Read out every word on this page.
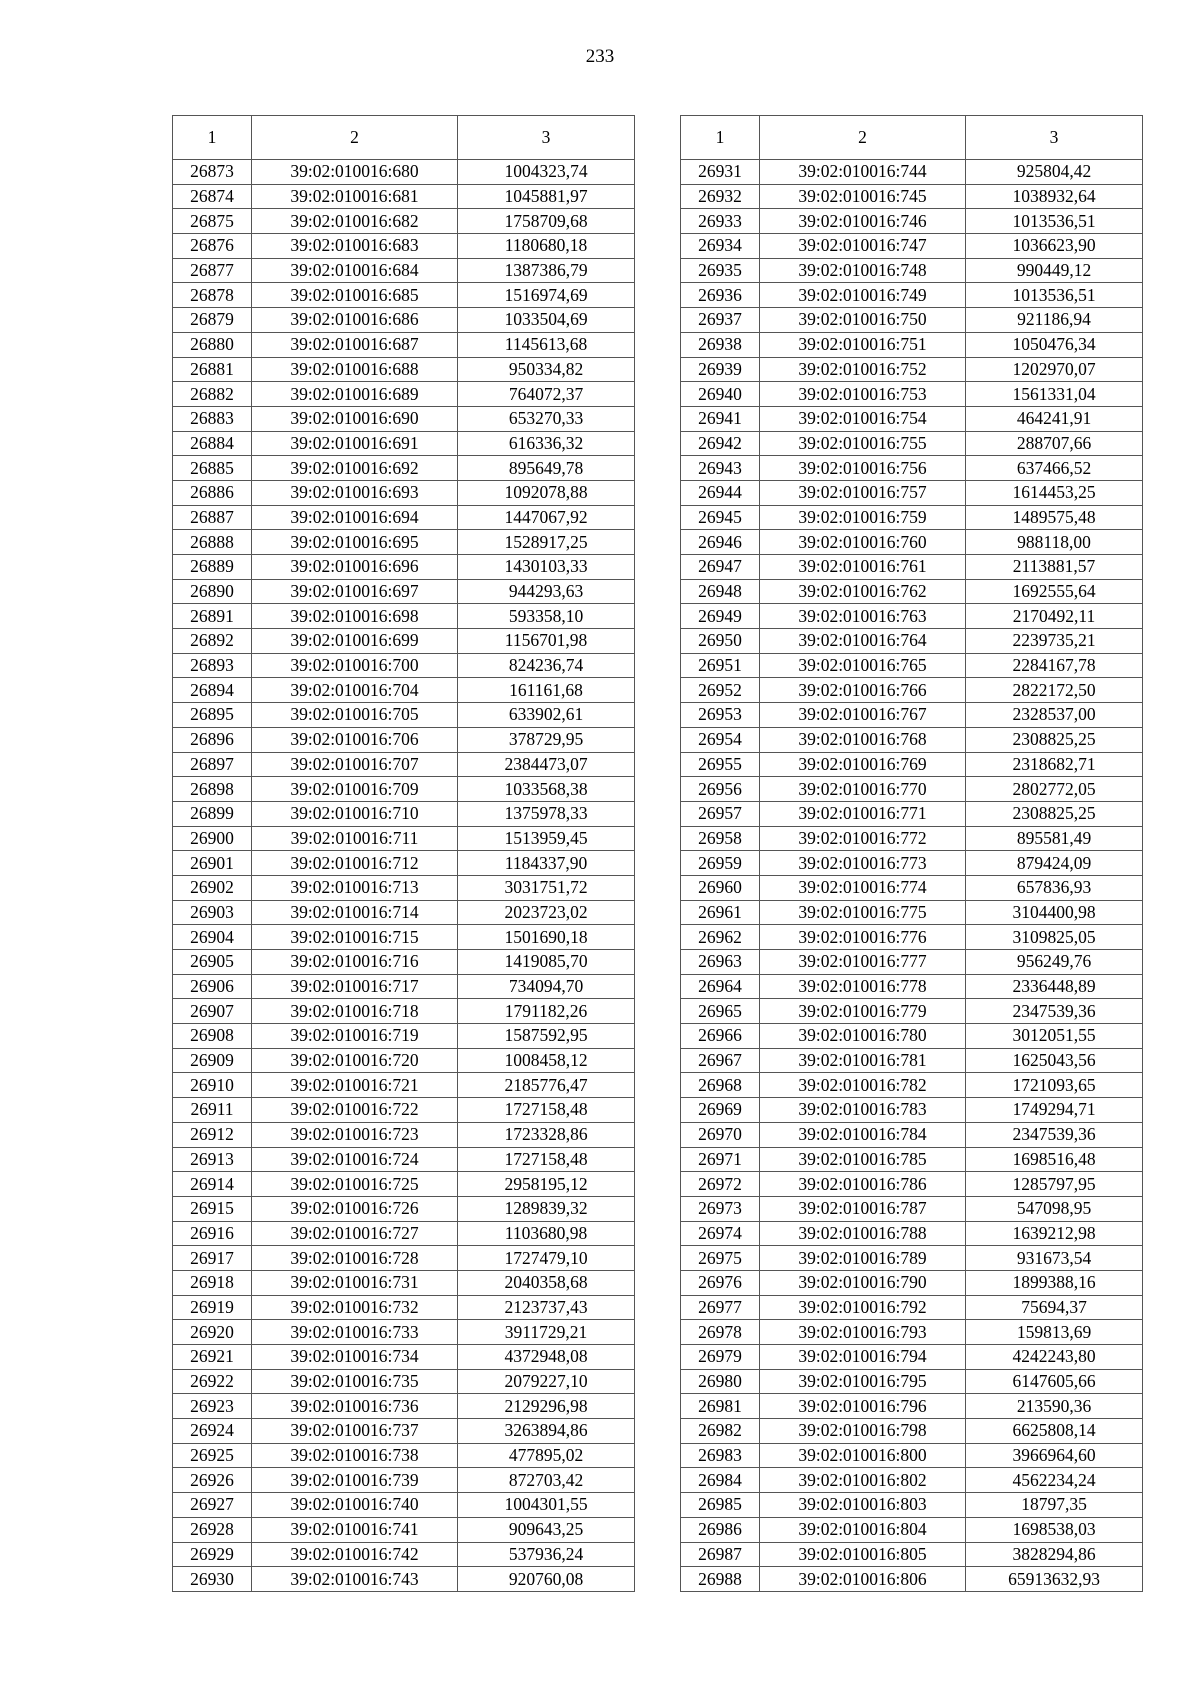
233
1	2	3
26873	39:02:010016:680	1004323,74
26874	39:02:010016:681	1045881,97
26875	39:02:010016:682	1758709,68
26876	39:02:010016:683	1180680,18
26877	39:02:010016:684	1387386,79
26878	39:02:010016:685	1516974,69
26879	39:02:010016:686	1033504,69
26880	39:02:010016:687	1145613,68
26881	39:02:010016:688	950334,82
26882	39:02:010016:689	764072,37
26883	39:02:010016:690	653270,33
26884	39:02:010016:691	616336,32
26885	39:02:010016:692	895649,78
26886	39:02:010016:693	1092078,88
26887	39:02:010016:694	1447067,92
26888	39:02:010016:695	1528917,25
26889	39:02:010016:696	1430103,33
26890	39:02:010016:697	944293,63
26891	39:02:010016:698	593358,10
26892	39:02:010016:699	1156701,98
26893	39:02:010016:700	824236,74
26894	39:02:010016:704	161161,68
26895	39:02:010016:705	633902,61
26896	39:02:010016:706	378729,95
26897	39:02:010016:707	2384473,07
26898	39:02:010016:709	1033568,38
26899	39:02:010016:710	1375978,33
26900	39:02:010016:711	1513959,45
26901	39:02:010016:712	1184337,90
26902	39:02:010016:713	3031751,72
26903	39:02:010016:714	2023723,02
26904	39:02:010016:715	1501690,18
26905	39:02:010016:716	1419085,70
26906	39:02:010016:717	734094,70
26907	39:02:010016:718	1791182,26
26908	39:02:010016:719	1587592,95
26909	39:02:010016:720	1008458,12
26910	39:02:010016:721	2185776,47
26911	39:02:010016:722	1727158,48
26912	39:02:010016:723	1723328,86
26913	39:02:010016:724	1727158,48
26914	39:02:010016:725	2958195,12
26915	39:02:010016:726	1289839,32
26916	39:02:010016:727	1103680,98
26917	39:02:010016:728	1727479,10
26918	39:02:010016:731	2040358,68
26919	39:02:010016:732	2123737,43
26920	39:02:010016:733	3911729,21
26921	39:02:010016:734	4372948,08
26922	39:02:010016:735	2079227,10
26923	39:02:010016:736	2129296,98
26924	39:02:010016:737	3263894,86
26925	39:02:010016:738	477895,02
26926	39:02:010016:739	872703,42
26927	39:02:010016:740	1004301,55
26928	39:02:010016:741	909643,25
26929	39:02:010016:742	537936,24
26930	39:02:010016:743	920760,08
1	2	3
26931	39:02:010016:744	925804,42
26932	39:02:010016:745	1038932,64
26933	39:02:010016:746	1013536,51
26934	39:02:010016:747	1036623,90
26935	39:02:010016:748	990449,12
26936	39:02:010016:749	1013536,51
26937	39:02:010016:750	921186,94
26938	39:02:010016:751	1050476,34
26939	39:02:010016:752	1202970,07
26940	39:02:010016:753	1561331,04
26941	39:02:010016:754	464241,91
26942	39:02:010016:755	288707,66
26943	39:02:010016:756	637466,52
26944	39:02:010016:757	1614453,25
26945	39:02:010016:759	1489575,48
26946	39:02:010016:760	988118,00
26947	39:02:010016:761	2113881,57
26948	39:02:010016:762	1692555,64
26949	39:02:010016:763	2170492,11
26950	39:02:010016:764	2239735,21
26951	39:02:010016:765	2284167,78
26952	39:02:010016:766	2822172,50
26953	39:02:010016:767	2328537,00
26954	39:02:010016:768	2308825,25
26955	39:02:010016:769	2318682,71
26956	39:02:010016:770	2802772,05
26957	39:02:010016:771	2308825,25
26958	39:02:010016:772	895581,49
26959	39:02:010016:773	879424,09
26960	39:02:010016:774	657836,93
26961	39:02:010016:775	3104400,98
26962	39:02:010016:776	3109825,05
26963	39:02:010016:777	956249,76
26964	39:02:010016:778	2336448,89
26965	39:02:010016:779	2347539,36
26966	39:02:010016:780	3012051,55
26967	39:02:010016:781	1625043,56
26968	39:02:010016:782	1721093,65
26969	39:02:010016:783	1749294,71
26970	39:02:010016:784	2347539,36
26971	39:02:010016:785	1698516,48
26972	39:02:010016:786	1285797,95
26973	39:02:010016:787	547098,95
26974	39:02:010016:788	1639212,98
26975	39:02:010016:789	931673,54
26976	39:02:010016:790	1899388,16
26977	39:02:010016:792	75694,37
26978	39:02:010016:793	159813,69
26979	39:02:010016:794	4242243,80
26980	39:02:010016:795	6147605,66
26981	39:02:010016:796	213590,36
26982	39:02:010016:798	6625808,14
26983	39:02:010016:800	3966964,60
26984	39:02:010016:802	4562234,24
26985	39:02:010016:803	18797,35
26986	39:02:010016:804	1698538,03
26987	39:02:010016:805	3828294,86
26988	39:02:010016:806	65913632,93
